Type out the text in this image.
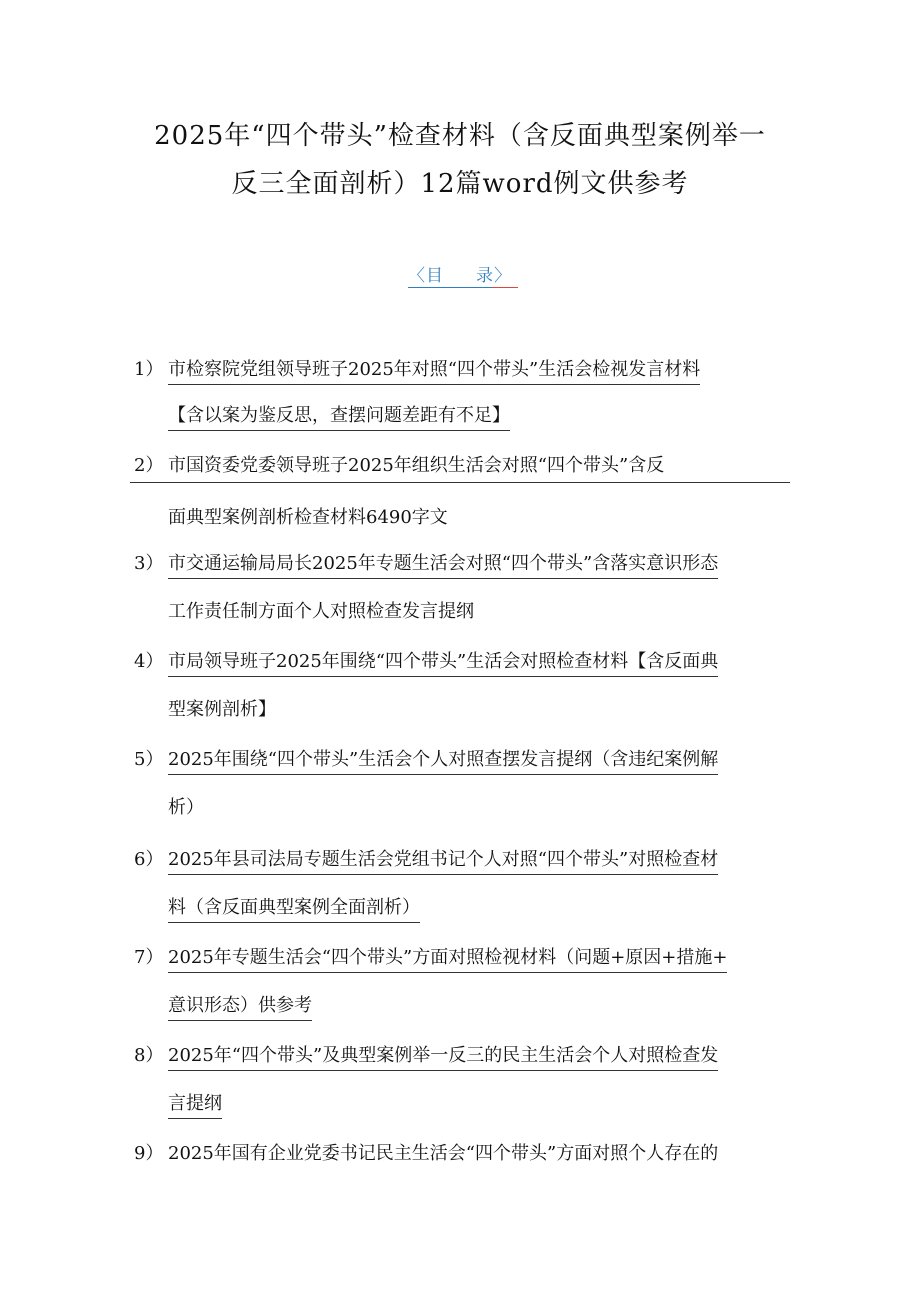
2025年“四个带头”检查材料（含反面典型案例举一
反三全面剖析）12篇word例文供参考
〈目 录〉
1） 市检察院党组领导班子2025年对照“四个带头”生活会检视发言材料
【含以案为鉴反思，查摆问题差距有不足】
2） 市国资委党委领导班子2025年组织生活会对照“四个带头”含反
面典型案例剖析检查材料6490字文
3） 市交通运输局局长2025年专题生活会对照“四个带头”含落实意识形态
工作责任制方面个人对照检查发言提纲
4） 市局领导班子2025年围绕“四个带头”生活会对照检查材料【含反面典
型案例剖析】
5） 2025年围绕“四个带头”生活会个人对照查摆发言提纲（含违纪案例解
析）
6） 2025年县司法局专题生活会党组书记个人对照“四个带头”对照检查材
料（含反面典型案例全面剖析）
7） 2025年专题生活会“四个带头”方面对照检视材料（问题+原因+措施+
意识形态）供参考
8） 2025年“四个带头”及典型案例举一反三的民主生活会个人对照检查发
言提纲
9） 2025年国有企业党委书记民主生活会“四个带头”方面对照个人存在的
